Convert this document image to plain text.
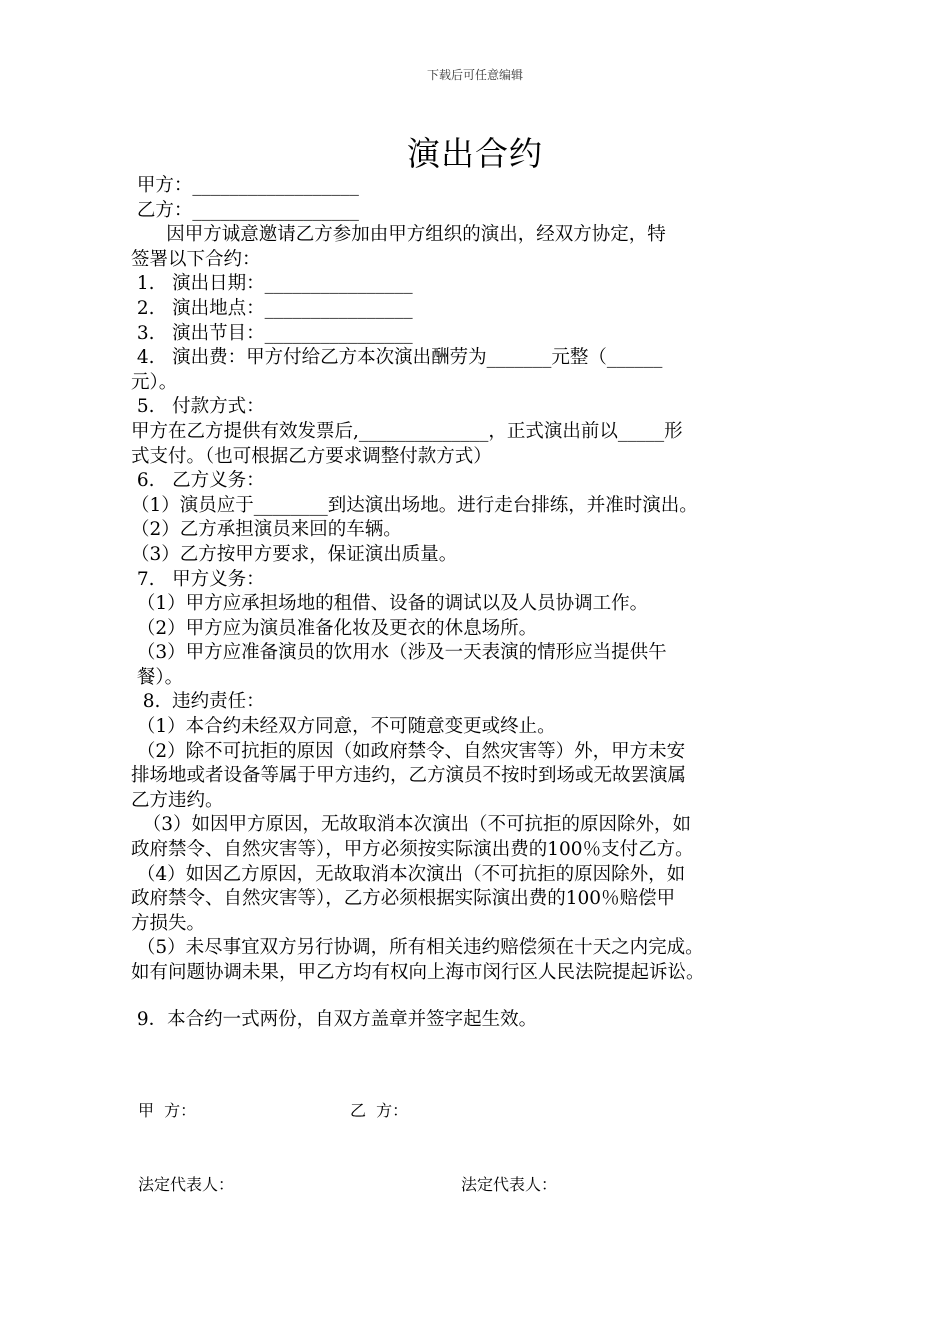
下载后可任意编辑
演出合约

甲方：__________________

乙方：__________________

因甲方诚意邀请乙方参加由甲方组织的演出，经双方协定，特

签署以下合约：

1.   演出日期：________________

2.   演出地点：________________

3.   演出节目：________________

4.   演出费：甲方付给乙方本次演出酬劳为_______元整（______

元）。

5.   付款方式：

甲方在乙方提供有效发票后,______________，正式演出前以_____形

式支付。（也可根据乙方要求调整付款方式）

6.   乙方义务：

（1）演员应于________到达演出场地。进行走台排练，并准时演出。

（2）乙方承担演员来回的车辆。

（3）乙方按甲方要求，保证演出质量。

7.   甲方义务：

（1）甲方应承担场地的租借、设备的调试以及人员协调工作。

（2）甲方应为演员准备化妆及更衣的休息场所。

（3）甲方应准备演员的饮用水（涉及一天表演的情形应当提供午

餐）。

8.  违约责任：

（1）本合约未经双方同意，不可随意变更或终止。

（2）除不可抗拒的原因（如政府禁令、自然灾害等）外，甲方未安

排场地或者设备等属于甲方违约，乙方演员不按时到场或无故罢演属

乙方违约。

（3）如因甲方原因，无故取消本次演出（不可抗拒的原因除外，如

政府禁令、自然灾害等），甲方必须按实际演出费的100％支付乙方。

（4）如因乙方原因，无故取消本次演出（不可抗拒的原因除外，如

政府禁令、自然灾害等），乙方必须根据实际演出费的100％赔偿甲

方损失。

（5）未尽事宜双方另行协调，所有相关违约赔偿须在十天之内完成。

如有问题协调未果，甲乙方均有权向上海市闵行区人民法院提起诉讼。

9．本合约一式两份，自双方盖章并签字起生效。

甲  方：	乙  方：
法定代表人：	法定代表人：
